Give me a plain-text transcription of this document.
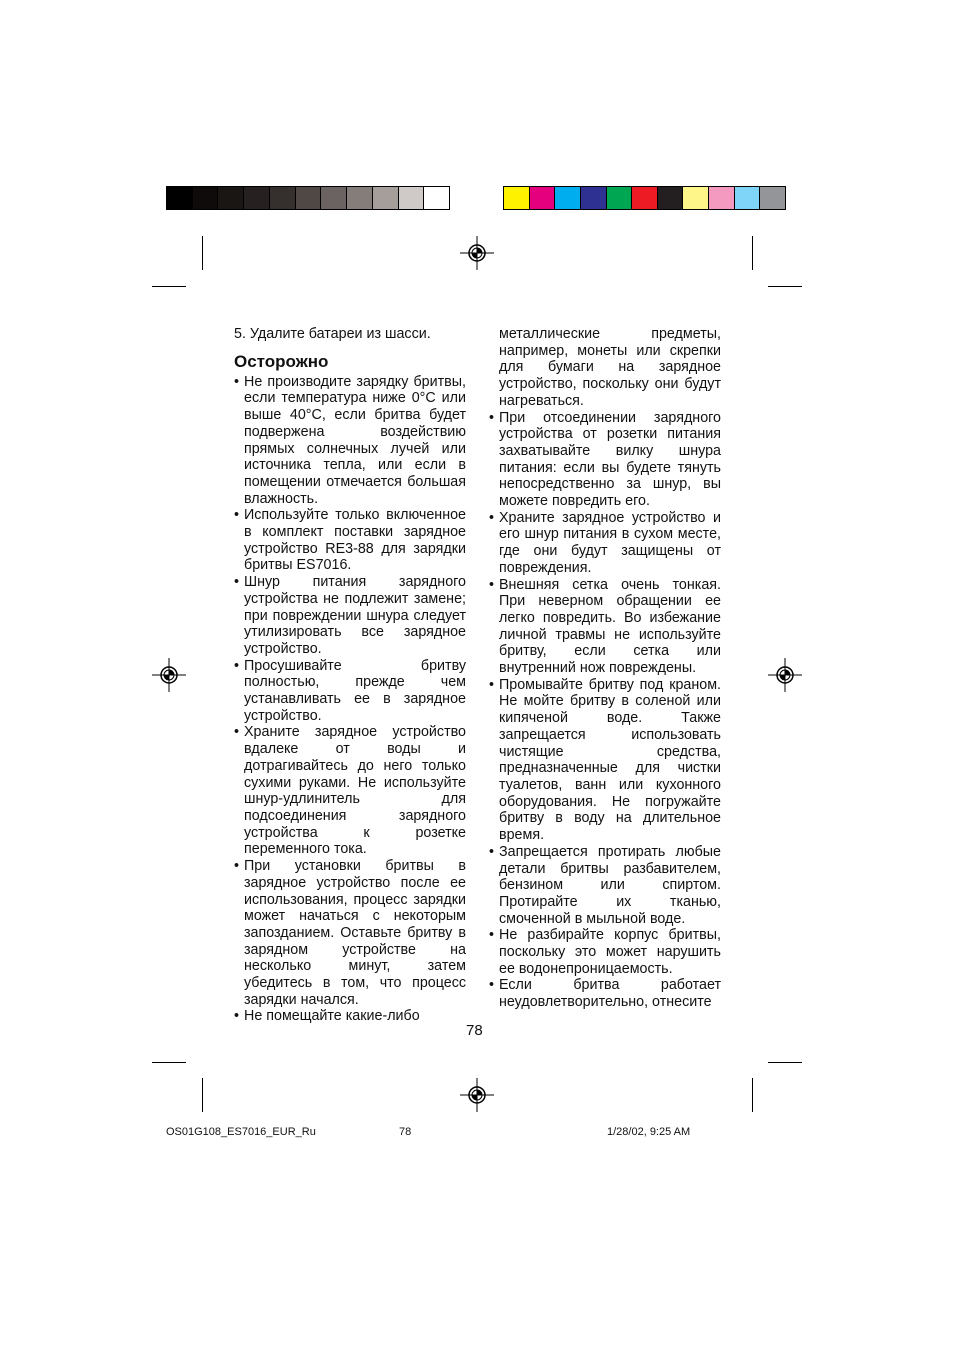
5. Удалите батареи из шасси.
Осторожно
• Не производите зарядку бритвы, если температура ниже 0°C или выше 40°C, если бритва будет подвержена воздействию прямых солнечных лучей или источника тепла, или если в помещении отмечается большая влажность.
• Используйте только включенное в комплект поставки зарядное устройство RE3-88 для зарядки бритвы ES7016.
• Шнур питания зарядного устройства не подлежит замене; при повреждении шнура следует утилизировать все зарядное устройство.
• Просушивайте бритву полностью, прежде чем устанавливать ее в зарядное устройство.
• Храните зарядное устройство вдалеке от воды и дотрагивайтесь до него только сухими руками. Не используйте шнур-удлинитель для подсоединения зарядного устройства к розетке переменного тока.
• При установки бритвы в зарядное устройство после ее использования, процесс зарядки может начаться с некоторым запозданием. Оставьте бритву в зарядном устройстве на несколько минут, затем убедитесь в том, что процесс зарядки начался.
• Не помещайте какие-либо
металлические предметы, например, монеты или скрепки для бумаги на зарядное устройство, поскольку они будут нагреваться.
• При отсоединении зарядного устройства от розетки питания захватывайте вилку шнура питания: если вы будете тянуть непосредственно за шнур, вы можете повредить его.
• Храните зарядное устройство и его шнур питания в сухом месте, где они будут защищены от повреждения.
• Внешняя сетка очень тонкая. При неверном обращении ее легко повредить. Во избежание личной травмы не используйте бритву, если сетка или внутренний нож повреждены.
• Промывайте бритву под краном. Не мойте бритву в соленой или кипяченой воде. Также запрещается использовать чистящие средства, предназначенные для чистки туалетов, ванн или кухонного оборудования. Не погружайте бритву в воду на длительное время.
• Запрещается протирать любые детали бритвы разбавителем, бензином или спиртом. Протирайте их тканью, смоченной в мыльной воде.
• Не разбирайте корпус бритвы, поскольку это может нарушить ее водонепроницаемость.
• Если бритва работает неудовлетворительно, отнесите
78
OS01G108_ES7016_EUR_Ru	78	1/28/02, 9:25 AM
